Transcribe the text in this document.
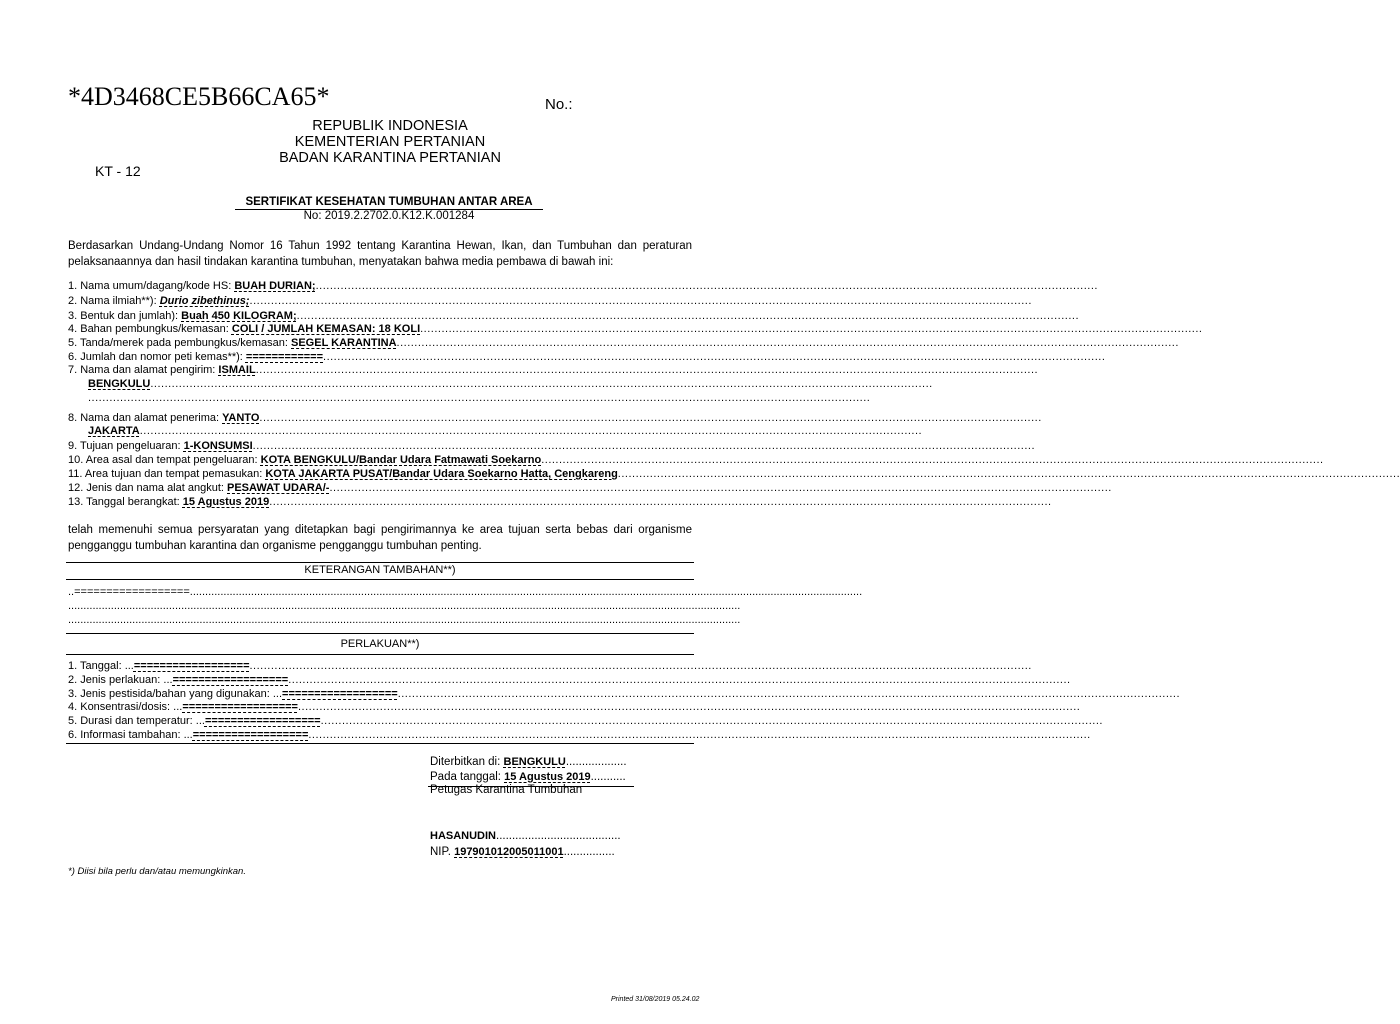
*4D3468CE5B66CA65*	No.:
REPUBLIK INDONESIA
KEMENTERIAN PERTANIAN
BADAN KARANTINA PERTANIAN
KT - 12
SERTIFIKAT KESEHATAN TUMBUHAN ANTAR AREA
No: 2019.2.2702.0.K12.K.001284
Berdasarkan Undang-Undang Nomor 16 Tahun 1992 tentang Karantina Hewan, Ikan, dan Tumbuhan dan peraturan pelaksanaannya dan hasil tindakan karantina tumbuhan, menyatakan bahwa media pembawa di bawah ini:
1. Nama umum/dagang/kode HS: BUAH DURIAN;............................................................................................................................................................................................................................
2. Nama ilmiah**): Durio zibethinus;............................................................................................................................................................................................................................
3. Bentuk dan jumlah): Buah 450 KILOGRAM;............................................................................................................................................................................................................................
4. Bahan pembungkus/kemasan: COLI / JUMLAH KEMASAN: 18 KOLI............................................................................................................................................................................................................................
5. Tanda/merek pada pembungkus/kemasan: SEGEL KARANTINA............................................................................................................................................................................................................................
6. Jumlah dan nomor peti kemas**): ============............................................................................................................................................................................................................................
7. Nama dan alamat pengirim: ISMAIL............................................................................................................................................................................................................................
8. Nama dan alamat penerima: YANTO............................................................................................................................................................................................................................
9. Tujuan pengeluaran: 1-KONSUMSI............................................................................................................................................................................................................................
10. Area asal dan tempat pengeluaran: KOTA BENGKULU/Bandar Udara Fatmawati Soekarno............................................................................................................................................................................................................................
11. Area tujuan dan tempat pemasukan: KOTA JAKARTA PUSAT/Bandar Udara Soekarno Hatta, Cengkareng............................................................................................................................................................................................................................
12. Jenis dan nama alat angkut: PESAWAT UDARA/-............................................................................................................................................................................................................................
13. Tanggal berangkat: 15 Agustus 2019............................................................................................................................................................................................................................
BENGKULU............................................................................................................................................................................................................................
............................................................................................................................................................................................................................
JAKARTA............................................................................................................................................................................................................................
telah memenuhi semua persyaratan yang ditetapkan bagi pengirimannya ke area tujuan serta bebas dari organisme pengganggu tumbuhan karantina dan organisme pengganggu tumbuhan penting.
KETERANGAN TAMBAHAN**)
..==================............................................................................................................................................................................................................................
............................................................................................................................................................................................................................
............................................................................................................................................................................................................................
PERLAKUAN**)
1. Tanggal: ...==================............................................................................................................................................................................................................................
2. Jenis perlakuan: ...==================............................................................................................................................................................................................................................
3. Jenis pestisida/bahan yang digunakan: ...==================............................................................................................................................................................................................................................
4. Konsentrasi/dosis: ...==================............................................................................................................................................................................................................................
5. Durasi dan temperatur: ...==================............................................................................................................................................................................................................................
6. Informasi tambahan: ...==================............................................................................................................................................................................................................................
Diterbitkan di: BENGKULU...................
Pada tanggal: 15 Agustus 2019...........
Petugas Karantina Tumbuhan
HASANUDIN.......................................
NIP. 197901012005011001................
*) Diisi bila perlu dan/atau memungkinkan.
Printed 31/08/2019 05.24.02
